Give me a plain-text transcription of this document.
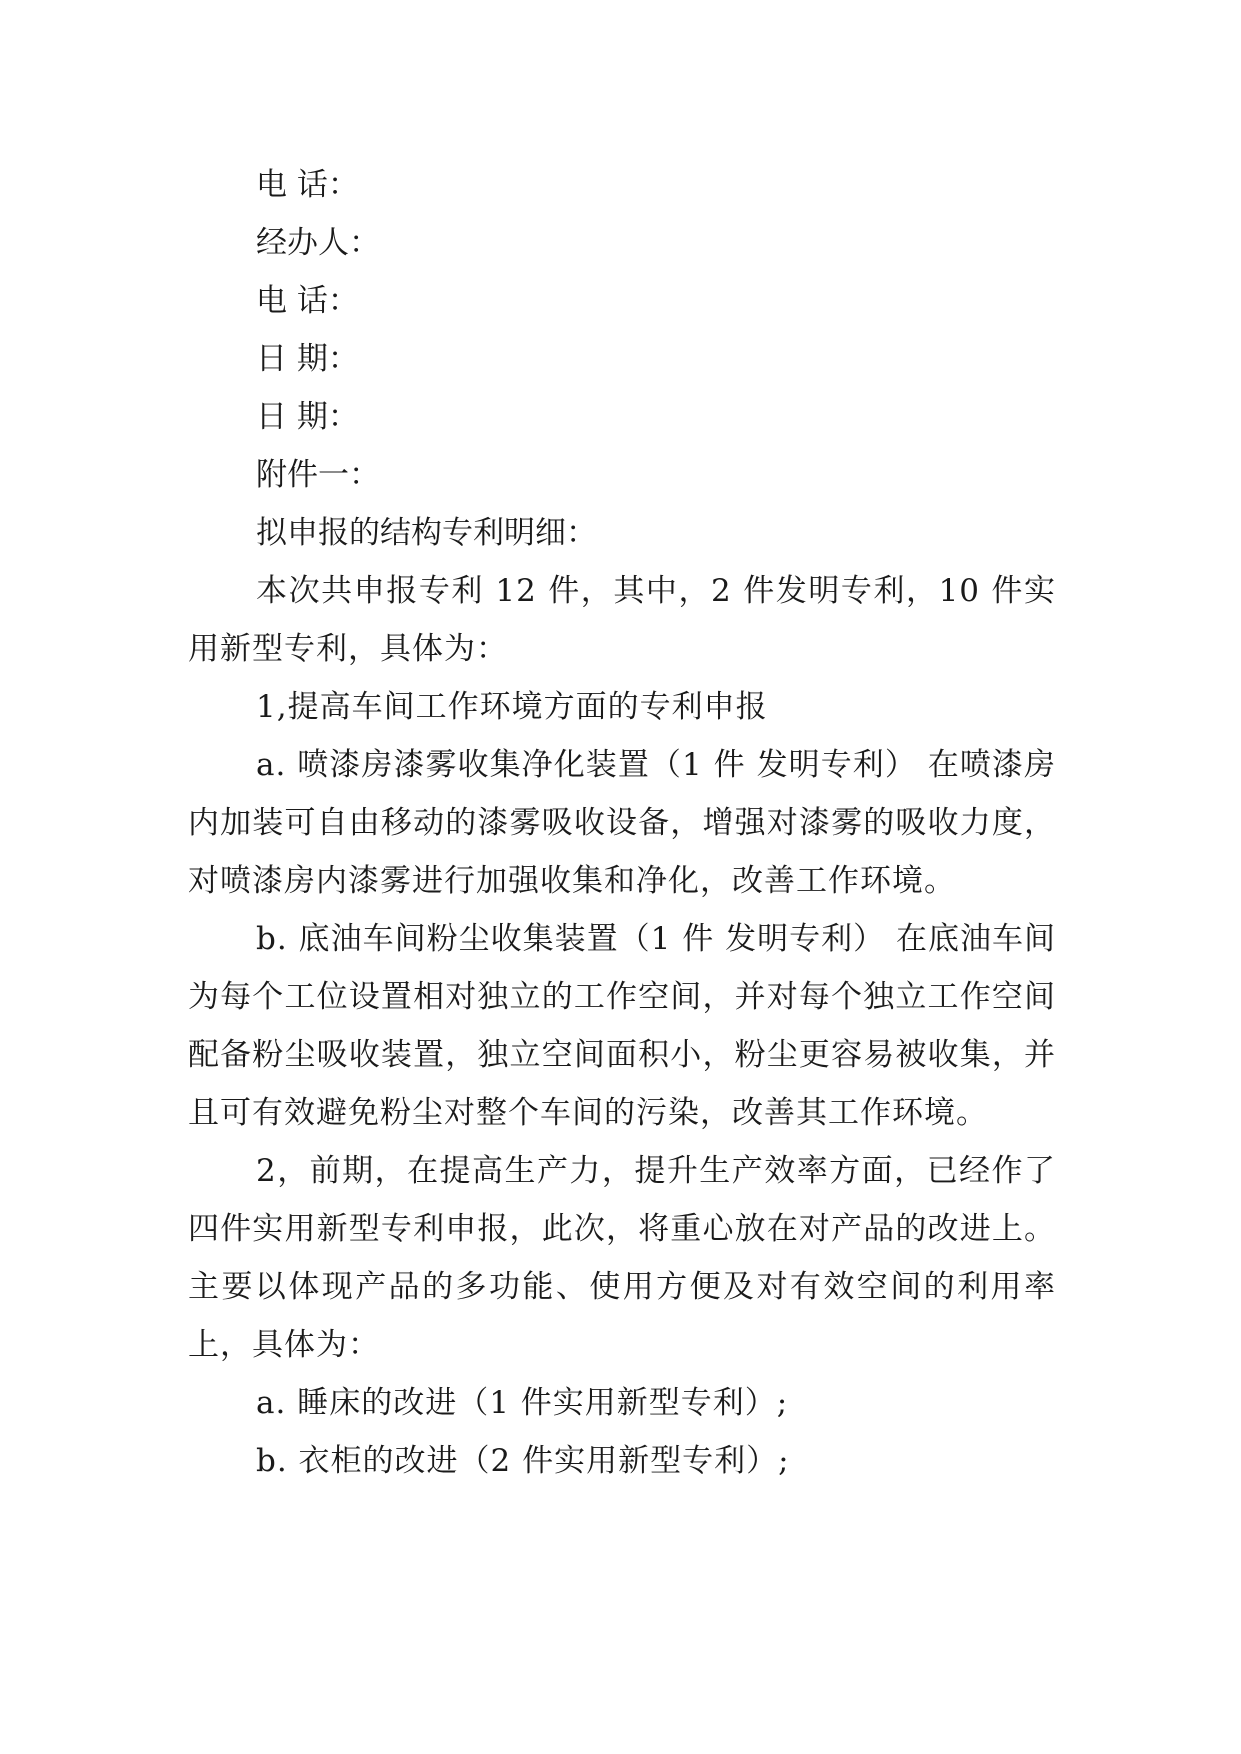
电 话：
经办人：
电 话：
日 期：
日 期：
附件一：
拟申报的结构专利明细：
本次共申报专利 12 件，其中，2 件发明专利，10 件实用新型专利，具体为：
1,提高车间工作环境方面的专利申报
a. 喷漆房漆雾收集净化装置（1 件 发明专利） 在喷漆房内加装可自由移动的漆雾吸收设备，增强对漆雾的吸收力度，对喷漆房内漆雾进行加强收集和净化，改善工作环境。
b. 底油车间粉尘收集装置（1 件 发明专利） 在底油车间为每个工位设置相对独立的工作空间，并对每个独立工作空间配备粉尘吸收装置，独立空间面积小，粉尘更容易被收集，并且可有效避免粉尘对整个车间的污染，改善其工作环境。
2，前期，在提高生产力，提升生产效率方面，已经作了四件实用新型专利申报，此次，将重心放在对产品的改进上。主要以体现产品的多功能、使用方便及对有效空间的利用率上，具体为：
a. 睡床的改进（1 件实用新型专利）;
b. 衣柜的改进（2 件实用新型专利）;
